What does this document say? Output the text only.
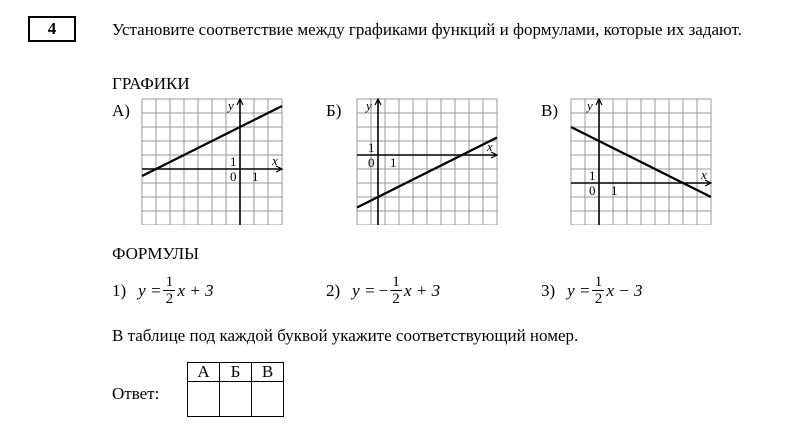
4	Установите соответствие между графиками функций и формулами, которые их задают.
ГРАФИКИ
А)	Б)	В)
y
x
0 1
1
y
x
0 1
1
y
x
0 1
1
ФОРМУЛЫ
1) $y = \frac{1}{2}$ x + 3	2) y = − $\frac{1}{2}$ x + 3	3) $y = \frac{1}{2}$ x − 3
В таблице под каждой буквой укажите соответствующий номер.
Ответ:
А	Б	В
